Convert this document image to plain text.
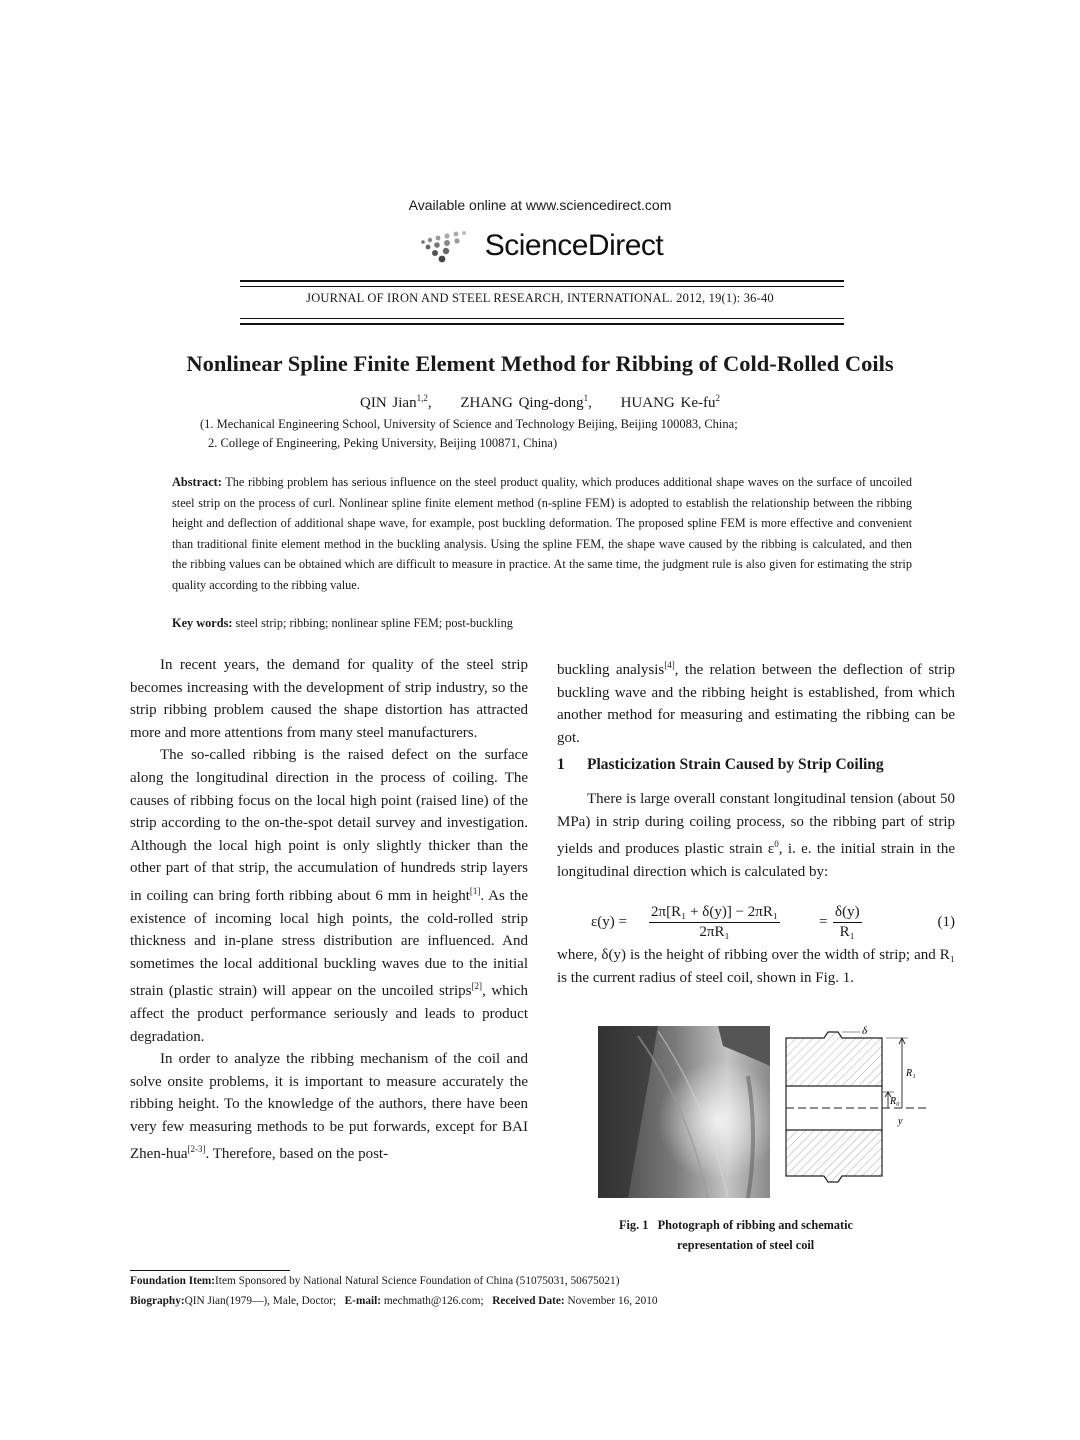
Available online at www.sciencedirect.com
ScienceDirect
JOURNAL OF IRON AND STEEL RESEARCH, INTERNATIONAL. 2012, 19(1): 36-40
Nonlinear Spline Finite Element Method for Ribbing of Cold-Rolled Coils
QIN Jian$^{1,2}$, ZHANG Qing-dong$^1$, HUANG $Ke-fu^2$
(1. Mechanical Engineering School, University of Science and Technology Beijing, Beijing 100083, China;
2. College of Engineering, Peking University, Beijing 100871, China)
Abstract: The ribbing problem has serious influence on the steel product quality, which produces additional shape waves on the surface of uncoiled steel strip on the process of curl. Nonlinear spline finite element method (n-spline FEM) is adopted to establish the relationship between the ribbing height and deflection of additional shape wave, for example, post buckling deformation. The proposed spline FEM is more effective and convenient than traditional finite element method in the buckling analysis. Using the spline FEM, the shape wave caused by the ribbing is calculated, and then the ribbing values can be obtained which are difficult to measure in practice. At the same time, the judgment rule is also given for estimating the strip quality according to the ribbing value.
Key words: steel strip; ribbing; nonlinear spline FEM; post-buckling

In recent years, the demand for quality of the steel strip becomes increasing with the development of strip industry, so the strip ribbing problem caused the shape distortion has attracted more and more attentions from many steel manufacturers.

The so-called ribbing is the raised defect on the surface along the longitudinal direction in the process of coiling. The causes of ribbing focus on the local high point (raised line) of the strip according to the on-the-spot detail survey and investigation. Although the local high point is only slightly thicker than the other part of that strip, the accumulation of hundreds strip layers in coiling can bring forth ribbing about 6 mm in height[1]. As the existence of incoming local high points, the cold-rolled strip thickness and in-plane stress distribution are influenced. And sometimes the local additional buckling waves due to the initial strain (plastic strain) will appear on the uncoiled strips[2], which affect the product performance seriously and leads to product degradation.

In order to analyze the ribbing mechanism of the coil and solve onsite problems, it is important to measure accurately the ribbing height. To the knowledge of the authors, there have been very few measuring methods to be put forwards, except for BAI Zhen-hua[2-3]. Therefore, based on the post-

buckling analysis[4], the relation between the deflection of strip buckling wave and the ribbing height is established, from which another method for measuring and estimating the ribbing can be got.

1 Plasticization Strain Caused by Strip Coiling

There is large overall constant longitudinal tension (about 50 MPa) in strip during coiling process, so the ribbing part of strip yields and produces plastic strain $\varepsilon^0$, i. e. the initial strain in the longitudinal direction which is calculated by:

$\varepsilon(y) = \frac{\text{2π[R₁ + δ(y)] − 2πR₁}}{\text{2πR₁}}$	= $\frac{\delta(y)}{\text{R₁}}$	(1)

where, δ(y) is the height of ribbing over the width of strip; and R₁ is the current radius of steel coil, shown in Fig. 1.

δ
R₁
R₀
y
Fig. 1 Photograph of ribbing and schematic
representation of steel coil
Foundation Item:Item Sponsored by National Natural Science Foundation of China (51075031, 50675021)
Biography:QIN Jian(1979—), Male, Doctor; E-mail: mechmath@126.com; Received Date: November 16, 2010
